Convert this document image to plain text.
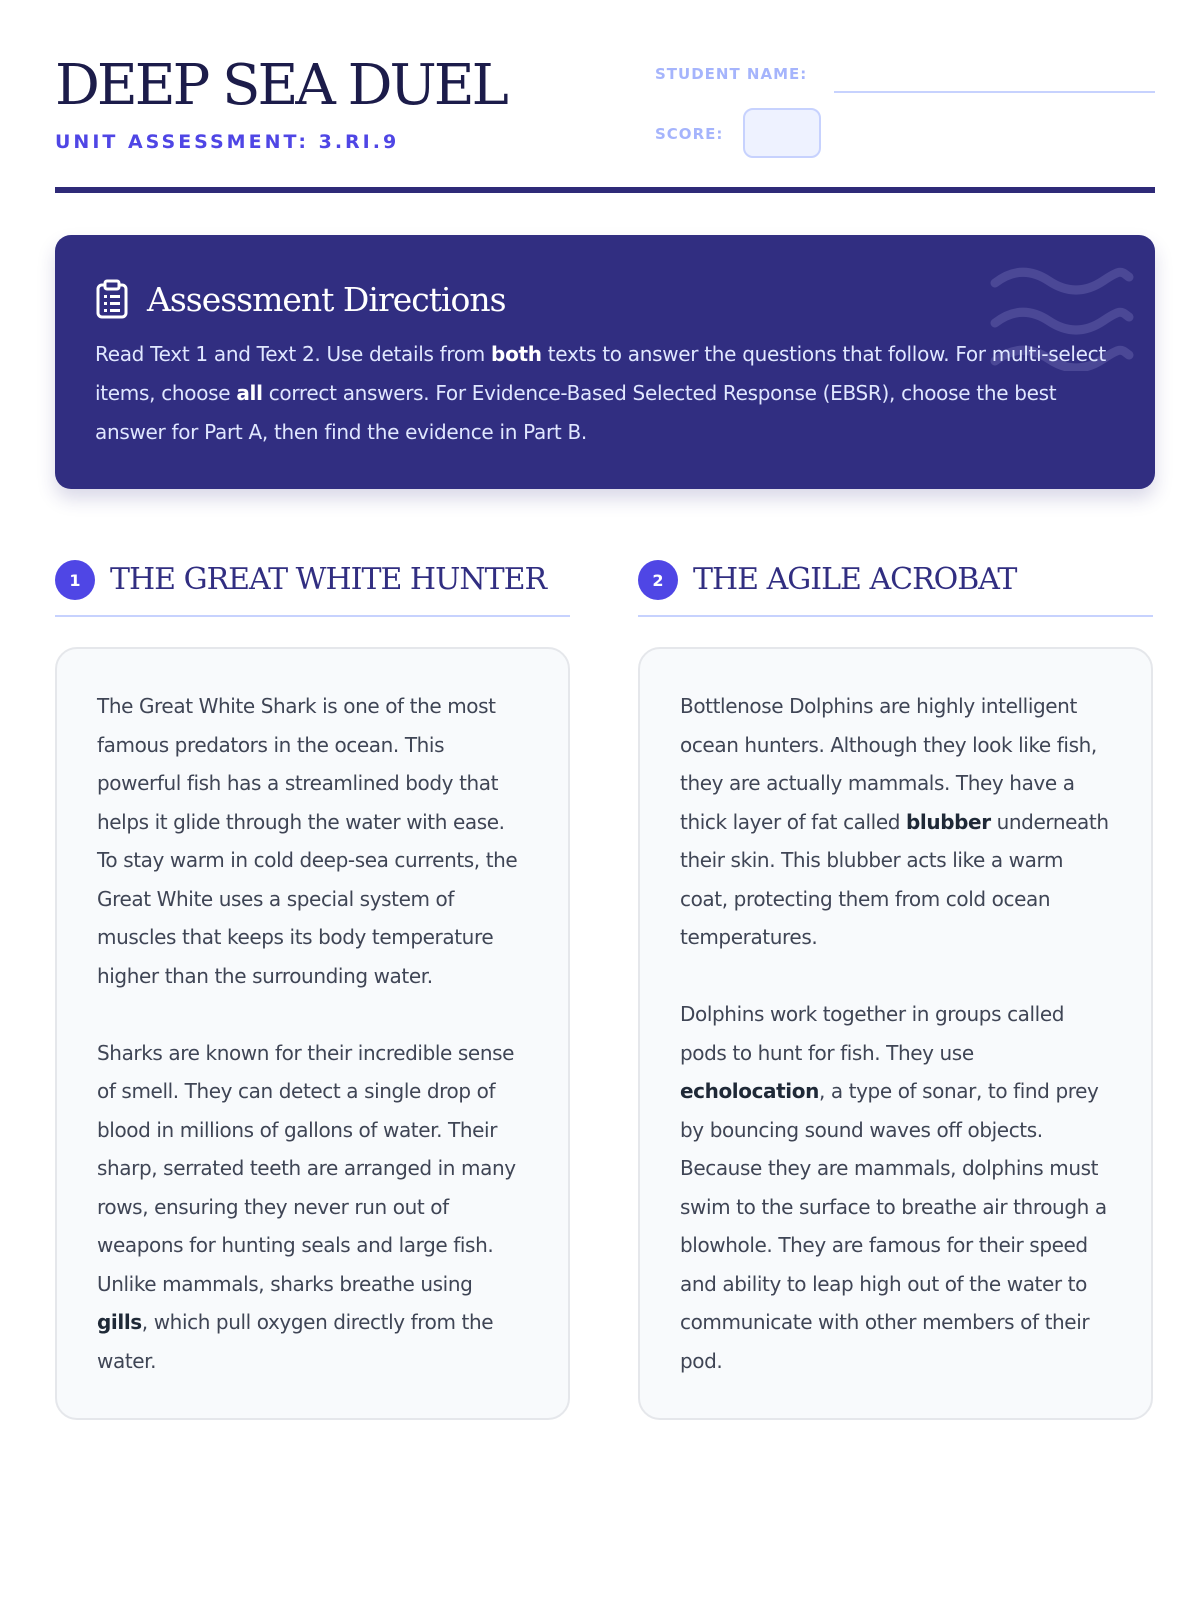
DEEP SEA DUEL
UNIT ASSESSMENT: 3.RI.9
STUDENT NAME:
SCORE:
Assessment Directions
Read Text 1 and Text 2. Use details from both texts to answer the questions that follow. For multi-select items, choose all correct answers. For Evidence-Based Selected Response (EBSR), choose the best answer for Part A, then find the evidence in Part B.
1 THE GREAT WHITE HUNTER

The Great White Shark is one of the most famous predators in the ocean. This powerful fish has a streamlined body that helps it glide through the water with ease. To stay warm in cold deep-sea currents, the Great White uses a special system of muscles that keeps its body temperature higher than the surrounding water.

Sharks are known for their incredible sense of smell. They can detect a single drop of blood in millions of gallons of water. Their sharp, serrated teeth are arranged in many rows, ensuring they never run out of weapons for hunting seals and large fish. Unlike mammals, sharks breathe using gills, which pull oxygen directly from the water.

2 THE AGILE ACROBAT

Bottlenose Dolphins are highly intelligent ocean hunters. Although they look like fish, they are actually mammals. They have a thick layer of fat called blubber underneath their skin. This blubber acts like a warm coat, protecting them from cold ocean temperatures.

Dolphins work together in groups called pods to hunt for fish. They use echolocation, a type of sonar, to find prey by bouncing sound waves off objects. Because they are mammals, dolphins must swim to the surface to breathe air through a blowhole. They are famous for their speed and ability to leap high out of the water to communicate with other members of their pod.
